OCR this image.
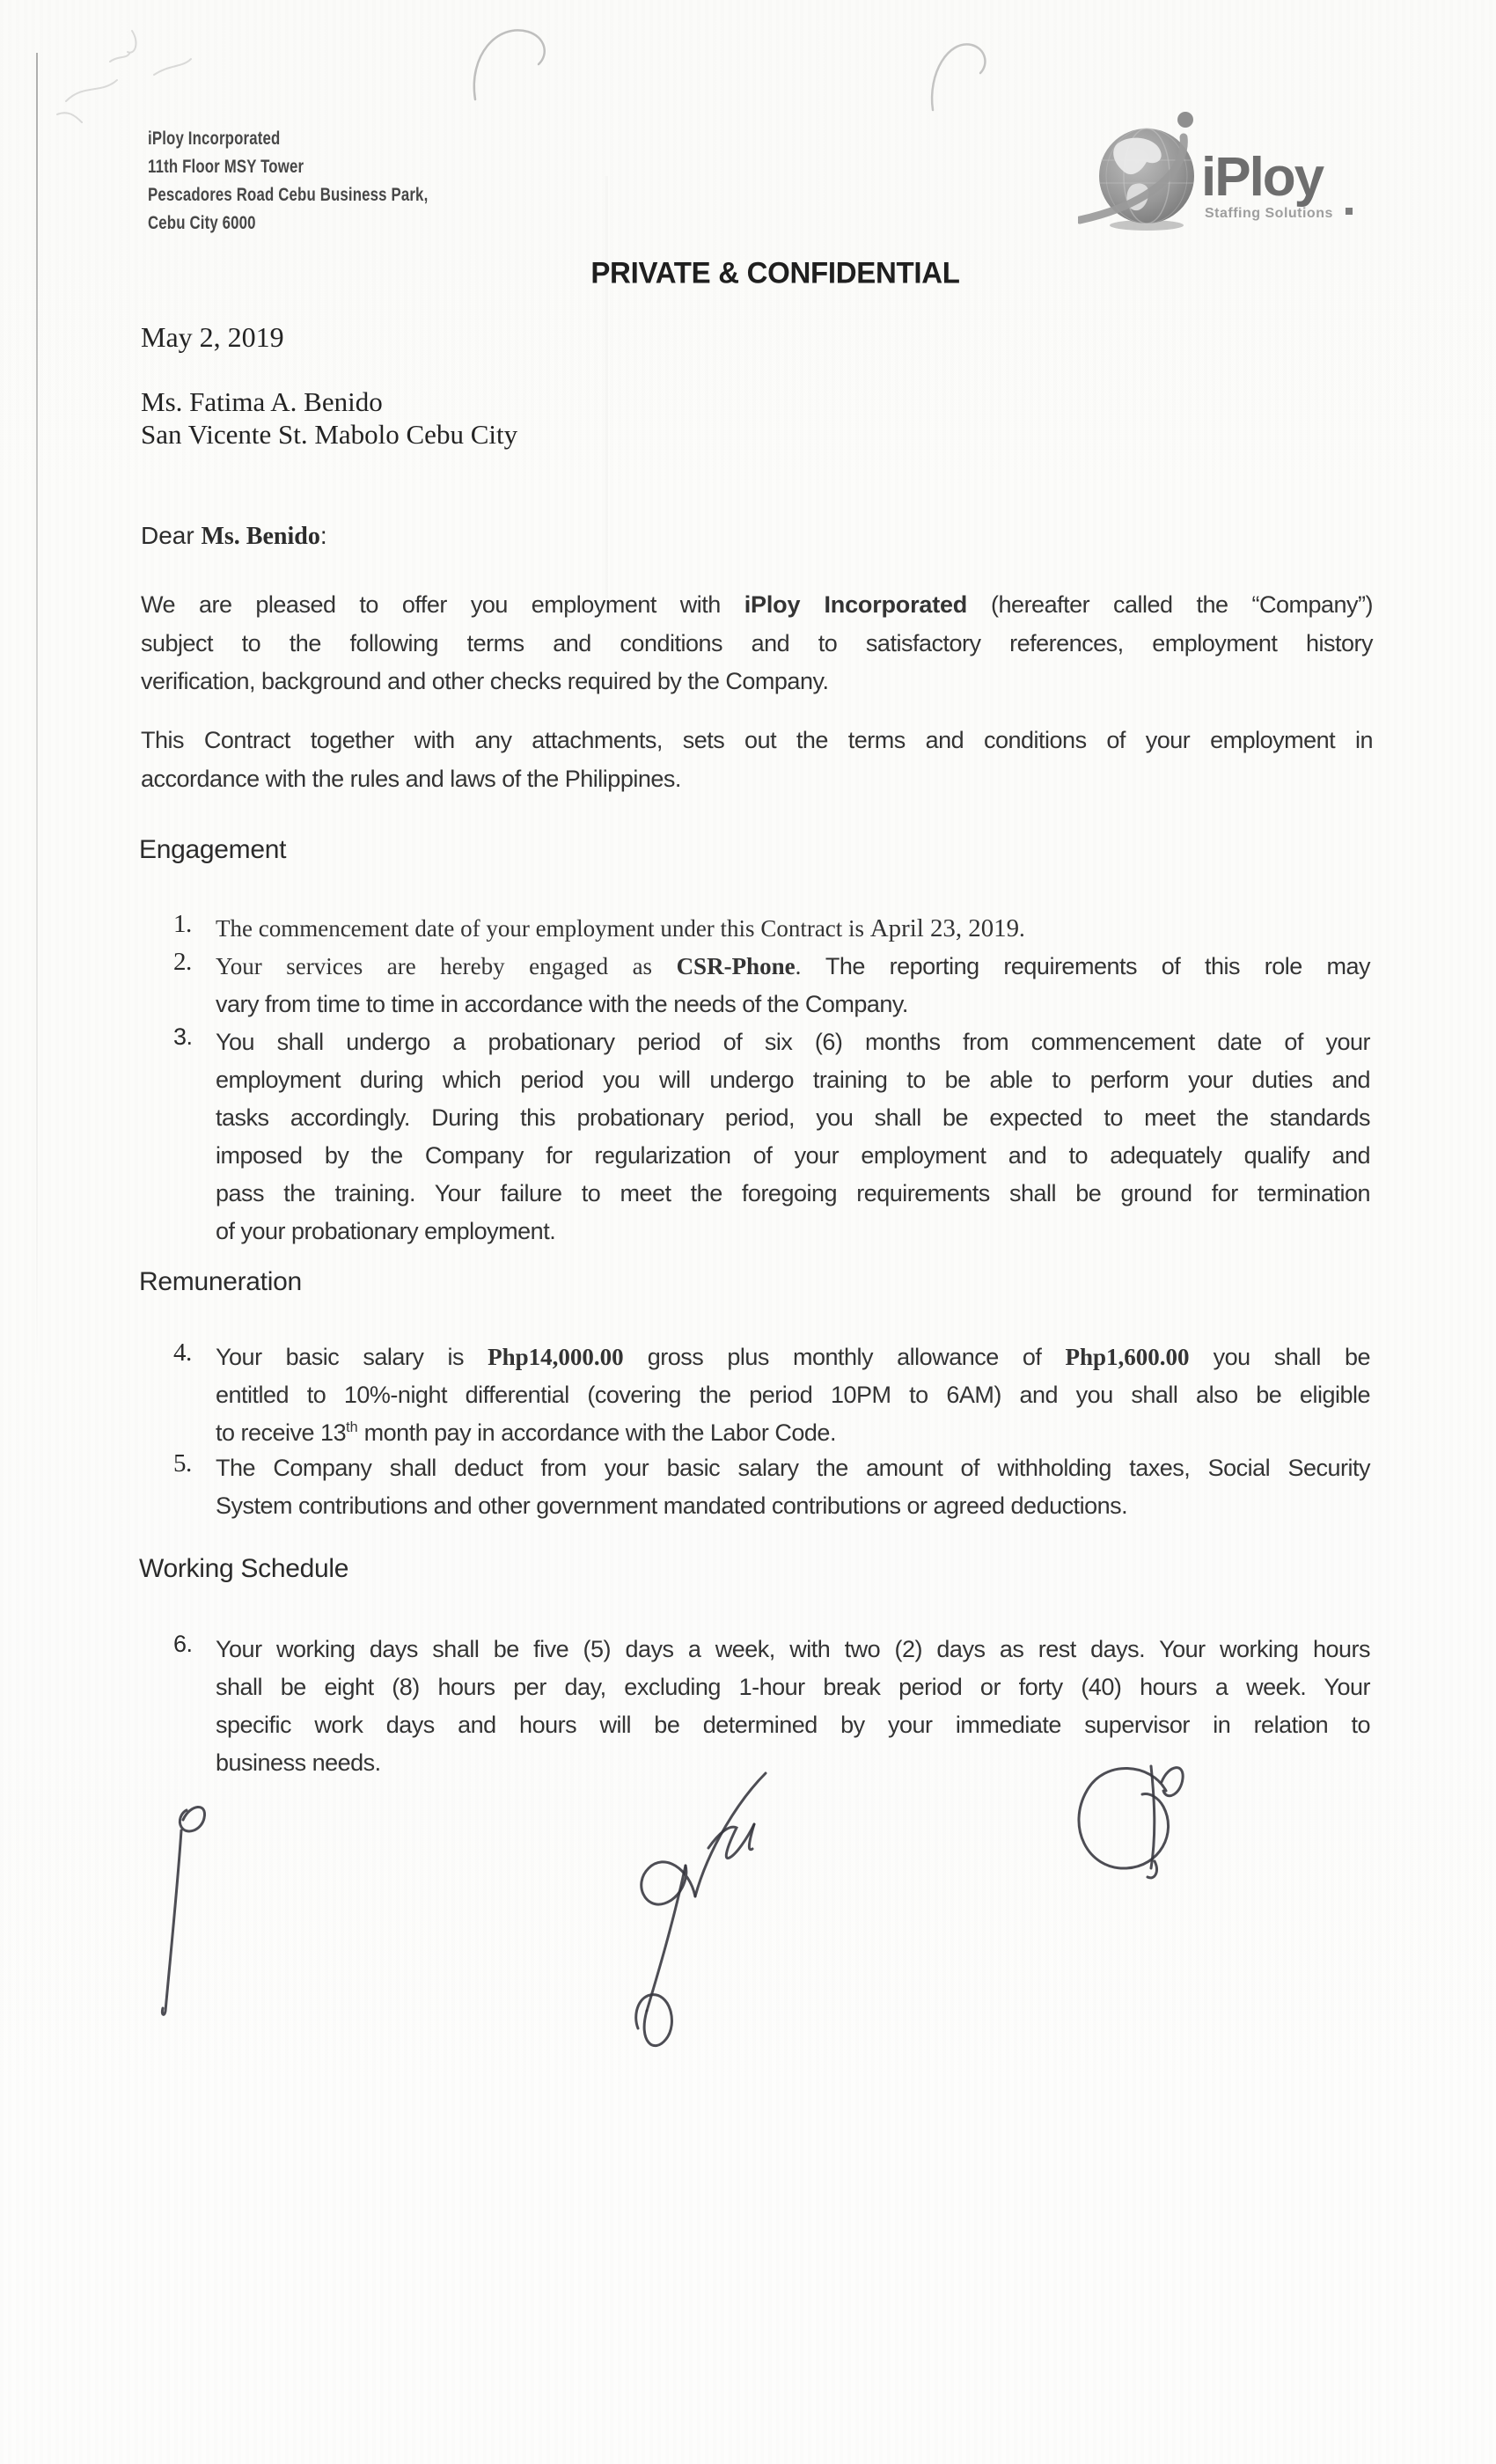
iPloy Incorporated
11th Floor MSY Tower
Pescadores Road Cebu Business Park,
Cebu City 6000
iPloy
Staffing Solutions
PRIVATE & CONFIDENTIAL
May 2, 2019
Ms. Fatima A. Benido
San Vicente St. Mabolo Cebu City
Dear Ms. Benido:
We are pleased to offer you employment with iPloy Incorporated (hereafter called the “Company”)
subject to the following terms and conditions and to satisfactory references, employment history
verification, background and other checks required by the Company.
This Contract together with any attachments, sets out the terms and conditions of your employment in
accordance with the rules and laws of the Philippines.
Engagement
1. The commencement date of your employment under this Contract is April 23, 2019.
2. Your services are hereby engaged as CSR-Phone. The reporting requirements of this role may
vary from time to time in accordance with the needs of the Company.
3. You shall undergo a probationary period of six (6) months from commencement date of your
employment during which period you will undergo training to be able to perform your duties and
tasks accordingly. During this probationary period, you shall be expected to meet the standards
imposed by the Company for regularization of your employment and to adequately qualify and
pass the training. Your failure to meet the foregoing requirements shall be ground for termination
of your probationary employment.
Remuneration
4. Your basic salary is Php14,000.00 gross plus monthly allowance of Php1,600.00 you shall be
entitled to 10%-night differential (covering the period 10PM to 6AM) and you shall also be eligible
to receive 13th month pay in accordance with the Labor Code.
5. The Company shall deduct from your basic salary the amount of withholding taxes, Social Security
System contributions and other government mandated contributions or agreed deductions.
Working Schedule
6. Your working days shall be five (5) days a week, with two (2) days as rest days. Your working hours
shall be eight (8) hours per day, excluding 1-hour break period or forty (40) hours a week. Your
specific work days and hours will be determined by your immediate supervisor in relation to
business needs.
